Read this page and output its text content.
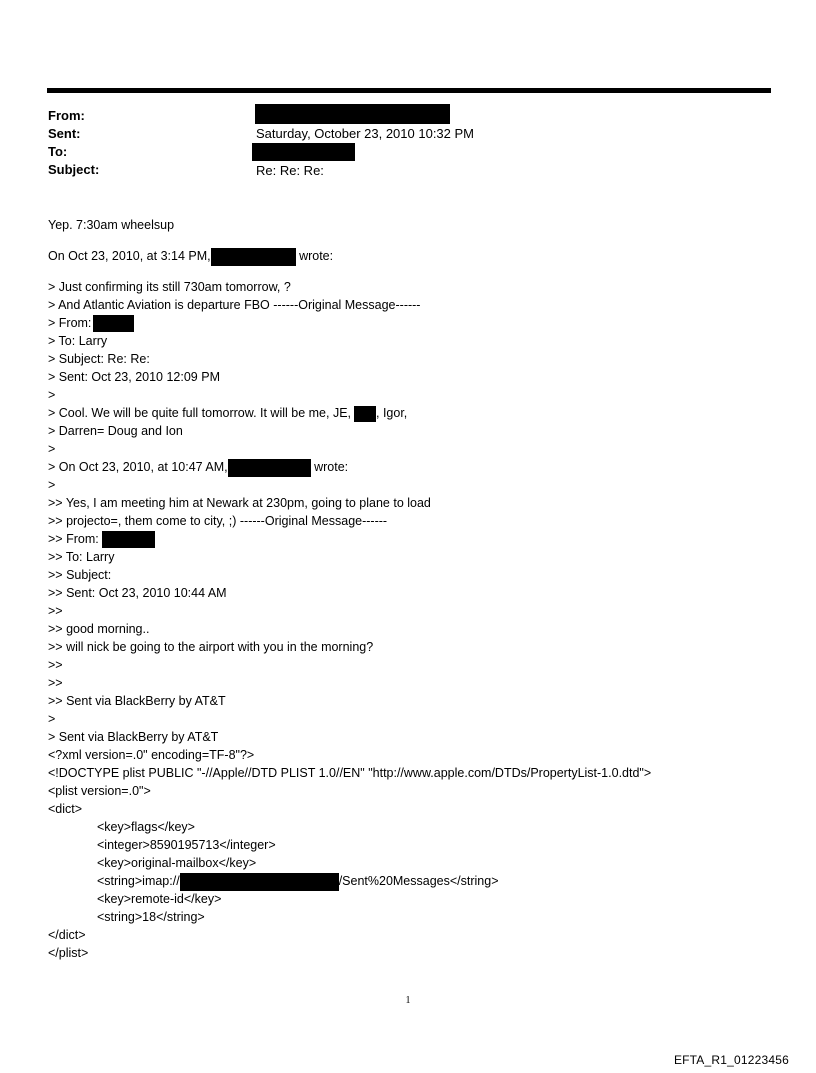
From:
Sent:	Saturday, October 23, 2010 10:32 PM
To:
Subject:	Re: Re: Re:
Yep. 7:30am wheelsup
On Oct 23, 2010, at 3:14 PM,	wrote:
> Just confirming its still 730am tomorrow, ?
> And Atlantic Aviation is departure FBO ------Original Message------
> From:
> To: Larry
> Subject: Re: Re:
> Sent: Oct 23, 2010 12:09 PM
>
> Cool. We will be quite full tomorrow. It will be me, JE, , Igor,
> Darren= Doug and Ion
>
> On Oct 23, 2010, at 10:47 AM,	wrote:
>
>> Yes, I am meeting him at Newark at 230pm, going to plane to load
>> projecto=, them come to city, ;) ------Original Message------
>> From:
>> To: Larry
>> Subject:
>> Sent: Oct 23, 2010 10:44 AM
>>
>> good morning..
>> will nick be going to the airport with you in the morning?
>>
>>
>> Sent via BlackBerry by AT&T
>
> Sent via BlackBerry by AT&T
<?xml version=.0" encoding=TF-8"?>
<!DOCTYPE plist PUBLIC "-//Apple//DTD PLIST 1.0//EN" "http://www.apple.com/DTDs/PropertyList-1.0.dtd">
<plist version=.0">
<dict>
<key>flags</key>
<integer>8590195713</integer>
<key>original-mailbox</key>
<string>imap://	/Sent%20Messages</string>
<key>remote-id</key>
<string>18</string>
</dict>
</plist>
1
EFTA_R1_01223456
